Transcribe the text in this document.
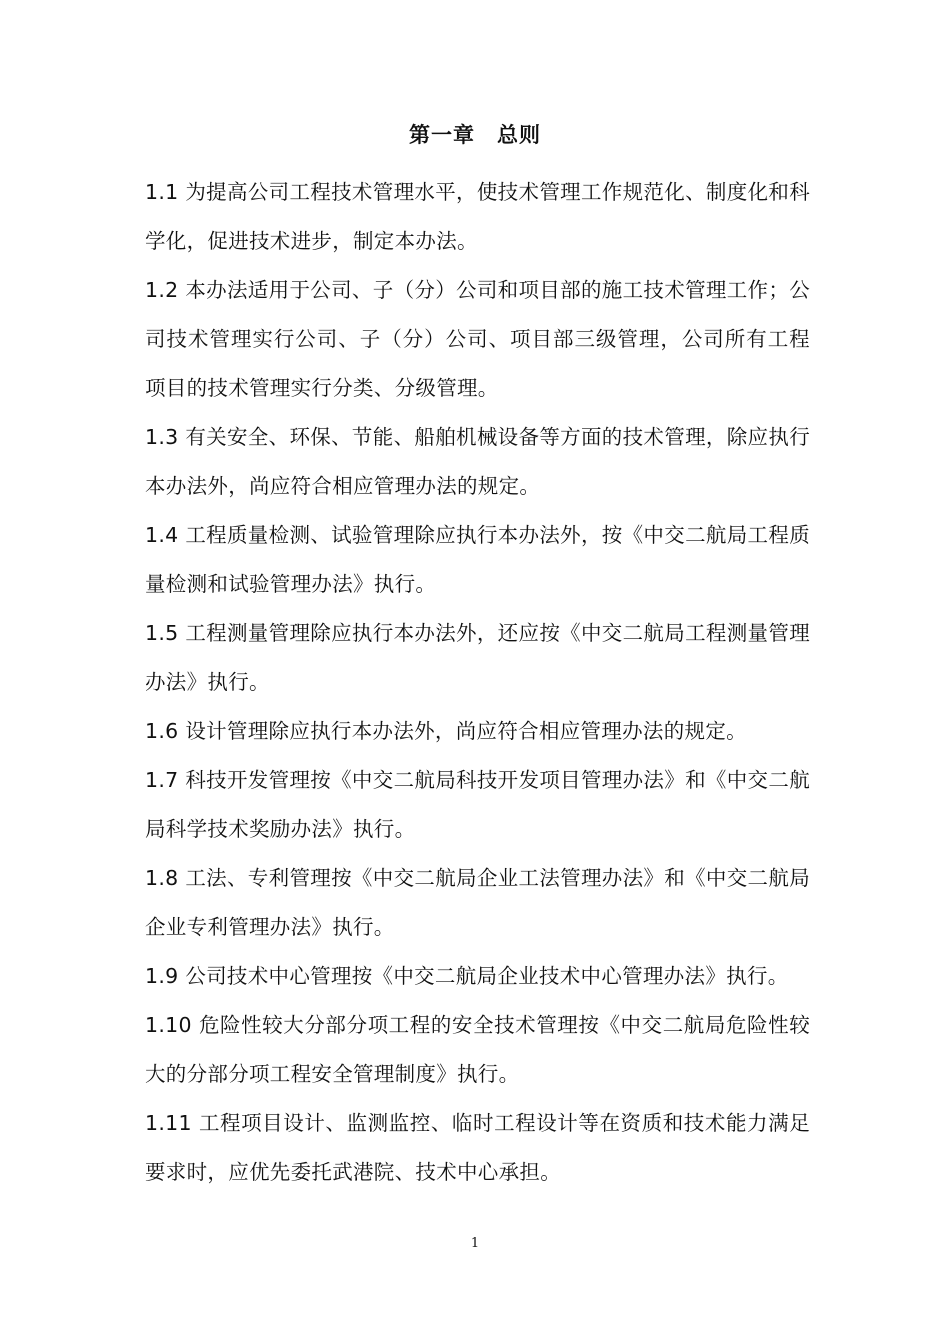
第一章　总则

1.1 为提高公司工程技术管理水平，使技术管理工作规范化、制度化和科学化，促进技术进步，制定本办法。

1.2 本办法适用于公司、子（分）公司和项目部的施工技术管理工作；公司技术管理实行公司、子（分）公司、项目部三级管理，公司所有工程项目的技术管理实行分类、分级管理。

1.3 有关安全、环保、节能、船舶机械设备等方面的技术管理，除应执行本办法外，尚应符合相应管理办法的规定。

1.4 工程质量检测、试验管理除应执行本办法外，按《中交二航局工程质量检测和试验管理办法》执行。

1.5 工程测量管理除应执行本办法外，还应按《中交二航局工程测量管理办法》执行。

1.6 设计管理除应执行本办法外，尚应符合相应管理办法的规定。

1.7 科技开发管理按《中交二航局科技开发项目管理办法》和《中交二航局科学技术奖励办法》执行。

1.8 工法、专利管理按《中交二航局企业工法管理办法》和《中交二航局企业专利管理办法》执行。

1.9 公司技术中心管理按《中交二航局企业技术中心管理办法》执行。

1.10 危险性较大分部分项工程的安全技术管理按《中交二航局危险性较大的分部分项工程安全管理制度》执行。

1.11 工程项目设计、监测监控、临时工程设计等在资质和技术能力满足要求时，应优先委托武港院、技术中心承担。

1
